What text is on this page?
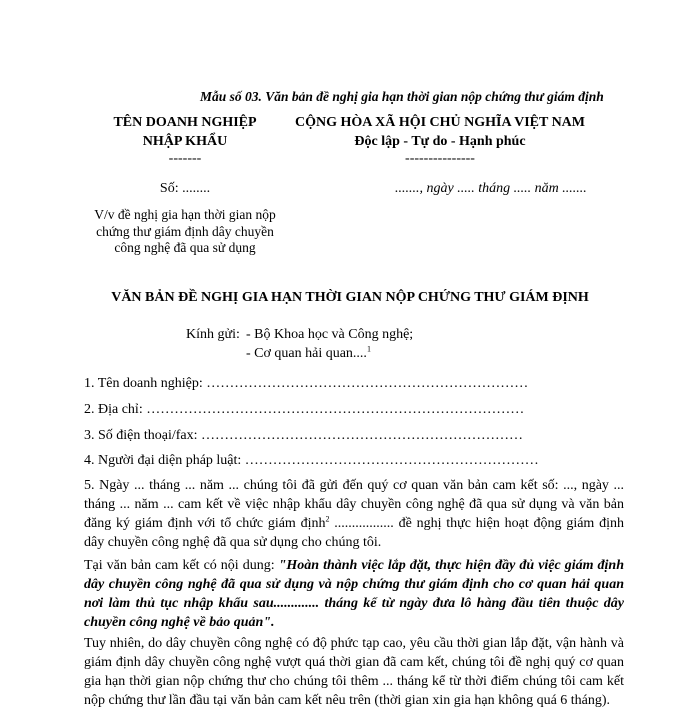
Mẫu số 03. Văn bản đề nghị gia hạn thời gian nộp chứng thư giám định
TÊN DOANH NGHIỆP
NHẬP KHẨU
-------
Số: ........
V/v đề nghị gia hạn thời gian nộp chứng thư giám định dây chuyền công nghệ đã qua sử dụng
CỘNG HÒA XÃ HỘI CHỦ NGHĨA VIỆT NAM
Độc lập - Tự do - Hạnh phúc
---------------
......., ngày ..... tháng ..... năm .......
VĂN BẢN ĐỀ NGHỊ GIA HẠN THỜI GIAN NỘP CHỨNG THƯ GIÁM ĐỊNH
Kính gửi: - Bộ Khoa học và Công nghệ;
- Cơ quan hải quan....$^1$
1. Tên doanh nghiệp: ……………………………………………………………
2. Địa chỉ: ………………………………………………………………………
3. Số điện thoại/fax: ……………………………………………………………
4. Người đại diện pháp luật: ………………………………………………………
5. Ngày ... tháng ... năm ... chúng tôi đã gửi đến quý cơ quan văn bản cam kết số: ..., ngày ... tháng ... năm ... cam kết về việc nhập khẩu dây chuyền công nghệ đã qua sử dụng và văn bản đăng ký giám định với tổ chức giám định$^2$ ................. đề nghị thực hiện hoạt động giám định dây chuyền công nghệ đã qua sử dụng cho chúng tôi.
Tại văn bản cam kết có nội dung: "Hoàn thành việc lắp đặt, thực hiện đầy đủ việc giám định dây chuyền công nghệ đã qua sử dụng và nộp chứng thư giám định cho cơ quan hải quan nơi làm thủ tục nhập khẩu sau............. tháng kể từ ngày đưa lô hàng đầu tiên thuộc dây chuyền công nghệ về bảo quản".
Tuy nhiên, do dây chuyền công nghệ có độ phức tạp cao, yêu cầu thời gian lắp đặt, vận hành và giám định dây chuyền công nghệ vượt quá thời gian đã cam kết, chúng tôi đề nghị quý cơ quan gia hạn thời gian nộp chứng thư cho chúng tôi thêm ... tháng kể từ thời điểm chúng tôi cam kết nộp chứng thư lần đầu tại văn bản cam kết nêu trên (thời gian xin gia hạn không quá 6 tháng).
